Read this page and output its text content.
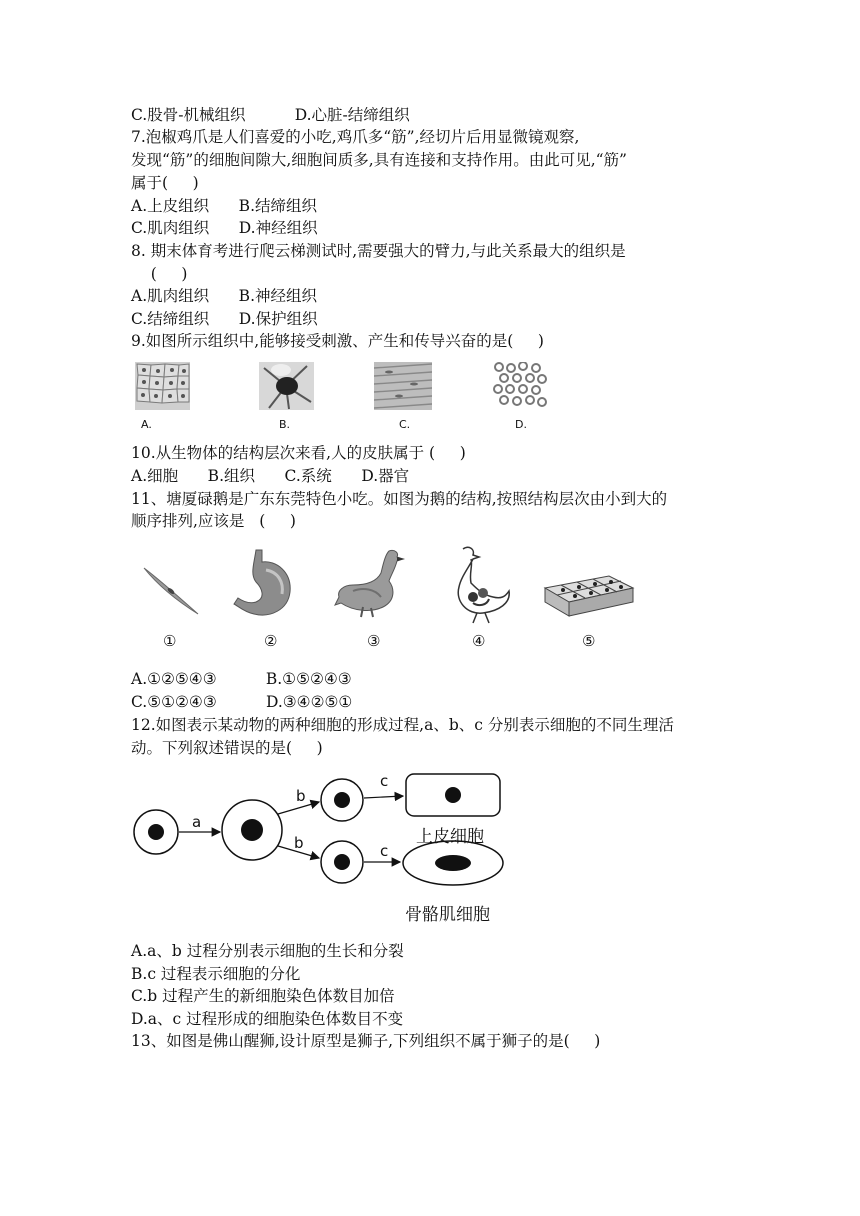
C.股骨-机械组织          D.心脏-结缔组织
7.泡椒鸡爪是人们喜爱的小吃,鸡爪多“筋”,经切片后用显微镜观察,
发现“筋”的细胞间隙大,细胞间质多,具有连接和支持作用。由此可见,“筋”
属于(     )
A.上皮组织      B.结缔组织
C.肌肉组织      D.神经组织
8. 期末体育考进行爬云梯测试时,需要强大的臂力,与此关系最大的组织是
(     )
A.肌肉组织      B.神经组织
C.结缔组织      D.保护组织
9.如图所示组织中,能够接受刺激、产生和传导兴奋的是(     )
A.	B.	C.	D.
10.从生物体的结构层次来看,人的皮肤属于 (     )
A.细胞      B.组织      C.系统      D.器官
11、塘厦碌鹅是广东东莞特色小吃。如图为鹅的结构,按照结构层次由小到大的
顺序排列,应该是   (     )
①	②	③	④	⑤
A.①②⑤④③          B.①⑤②④③
C.⑤①②④③          D.③④②⑤①
12.如图表示某动物的两种细胞的形成过程,a、b、c 分别表示细胞的不同生理活
动。下列叙述错误的是(     )
a
b
b
c
c
上皮细胞
骨骼肌细胞
A.a、b 过程分别表示细胞的生长和分裂
B.c 过程表示细胞的分化
C.b 过程产生的新细胞染色体数目加倍
D.a、c 过程形成的细胞染色体数目不变
13、如图是佛山醒狮,设计原型是狮子,下列组织不属于狮子的是(     )
